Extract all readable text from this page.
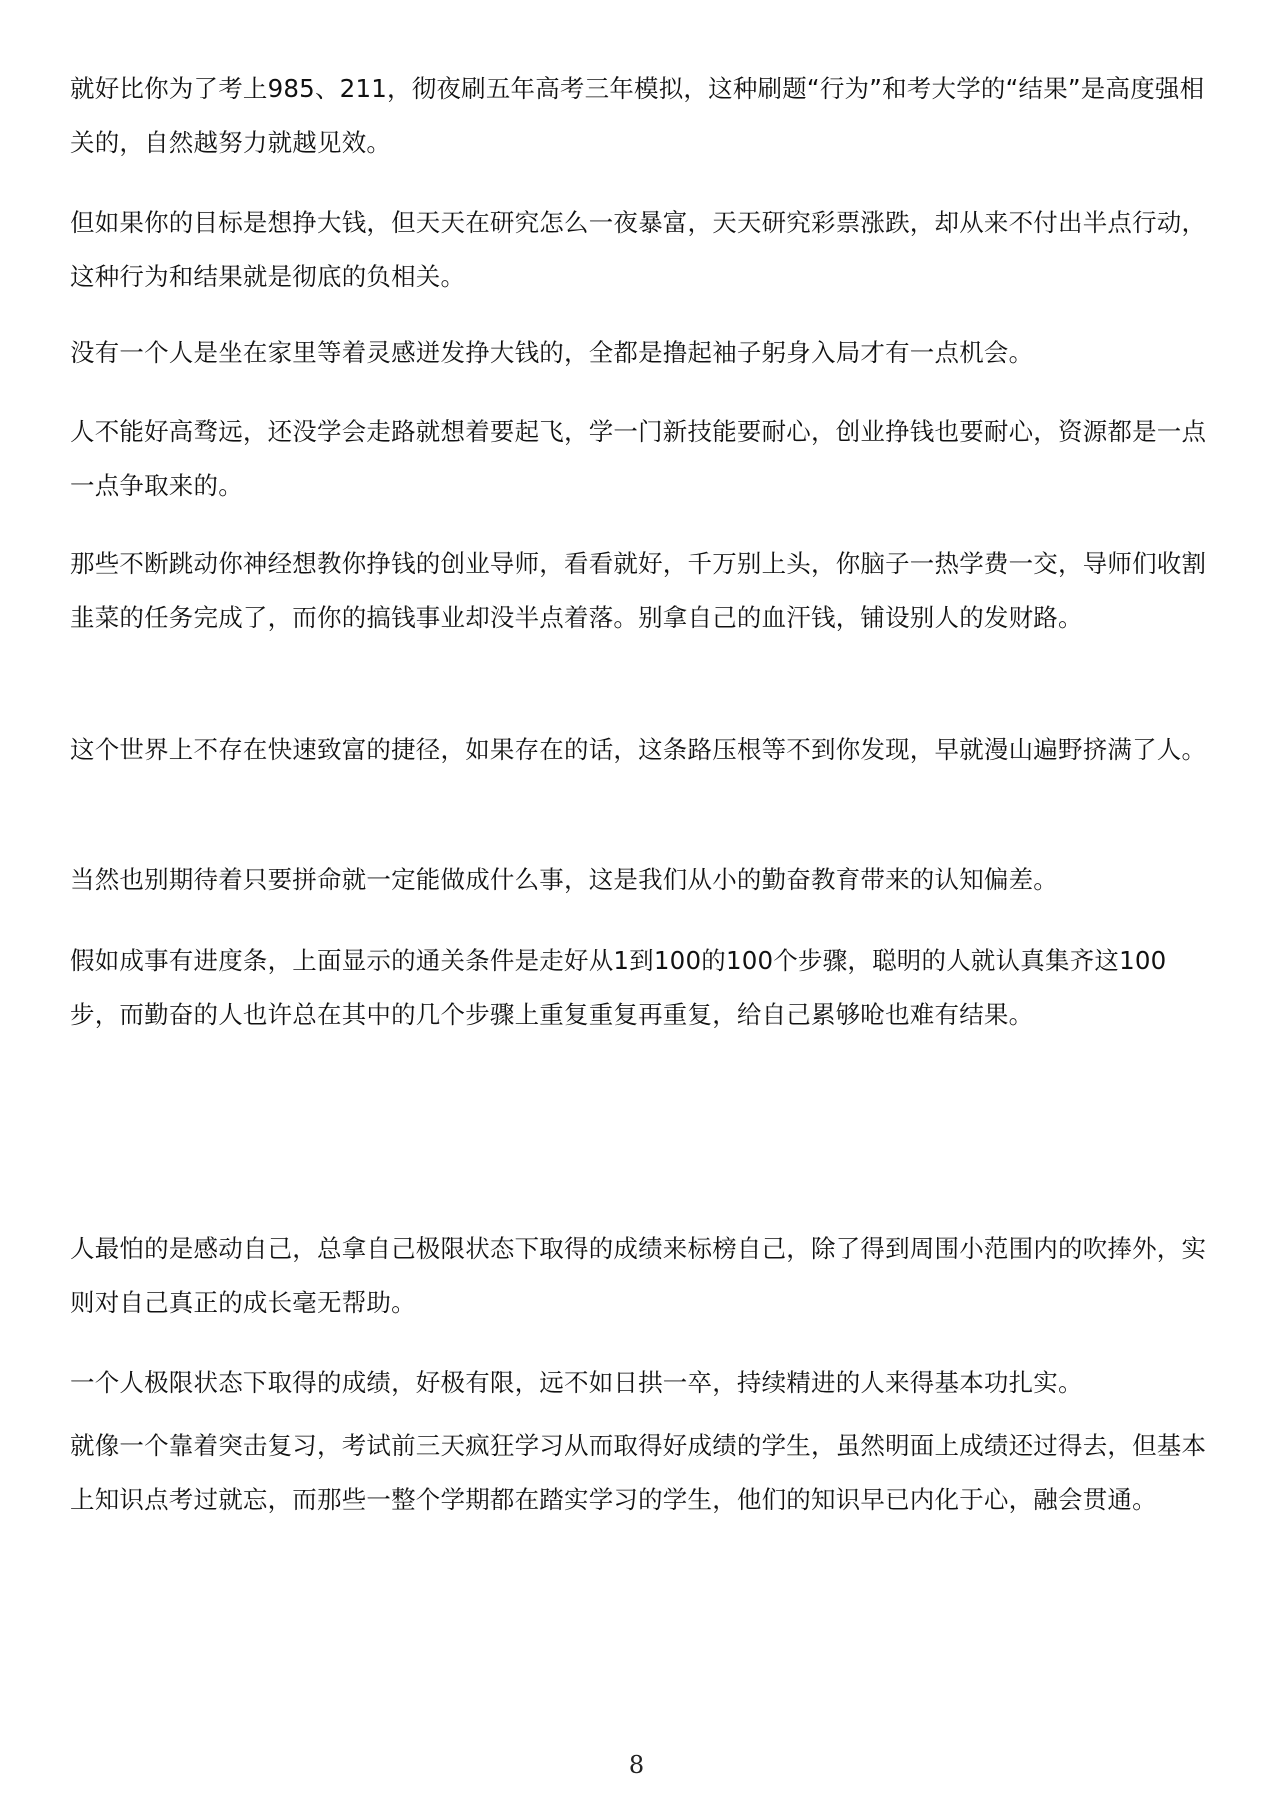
就好比你为了考上985、211，彻夜刷五年高考三年模拟，这种刷题“行为”和考大学的“结果”是高度强相关的，自然越努力就越见效。

但如果你的目标是想挣大钱，但天天在研究怎么一夜暴富，天天研究彩票涨跌，却从来不付出半点行动，这种行为和结果就是彻底的负相关。

没有一个人是坐在家里等着灵感迸发挣大钱的，全都是撸起袖子躬身入局才有一点机会。

人不能好高骛远，还没学会走路就想着要起飞，学一门新技能要耐心，创业挣钱也要耐心，资源都是一点一点争取来的。

那些不断跳动你神经想教你挣钱的创业导师，看看就好，千万别上头，你脑子一热学费一交，导师们收割韭菜的任务完成了，而你的搞钱事业却没半点着落。别拿自己的血汗钱，铺设别人的发财路。

这个世界上不存在快速致富的捷径，如果存在的话，这条路压根等不到你发现，早就漫山遍野挤满了人。

当然也别期待着只要拼命就一定能做成什么事，这是我们从小的勤奋教育带来的认知偏差。

假如成事有进度条，上面显示的通关条件是走好从1到100的100个步骤，聪明的人就认真集齐这100步，而勤奋的人也许总在其中的几个步骤上重复重复再重复，给自己累够呛也难有结果。

人最怕的是感动自己，总拿自己极限状态下取得的成绩来标榜自己，除了得到周围小范围内的吹捧外，实则对自己真正的成长毫无帮助。

一个人极限状态下取得的成绩，好极有限，远不如日拱一卒，持续精进的人来得基本功扎实。

就像一个靠着突击复习，考试前三天疯狂学习从而取得好成绩的学生，虽然明面上成绩还过得去，但基本上知识点考过就忘，而那些一整个学期都在踏实学习的学生，他们的知识早已内化于心，融会贯通。

8
